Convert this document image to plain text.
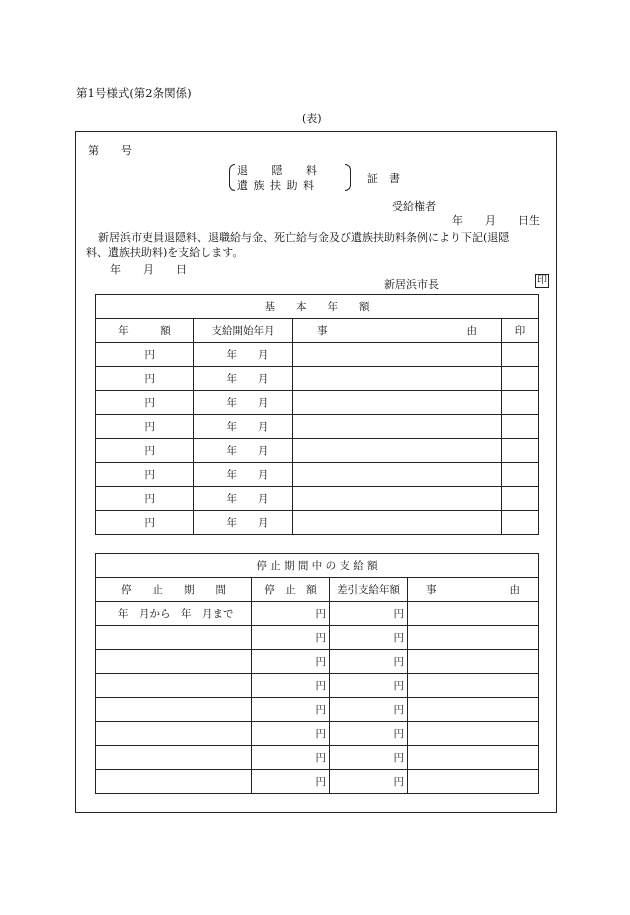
第1号様式(第2条関係)
(表)
第　　号
退　　隠　　料
遺 族 扶 助 料
証　書
受給権者
年　　月　　日生
新居浜市吏員退隠料、退職給与金、死亡給与金及び遺族扶助料条例により下記(退隠
料、遺族扶助料)を支給します。
年　　月　　日
新居浜市長	印
基　　本　　年　　額			
年　　　額	支給開始年月	事 由	印
円	年　　月		
円	年　　月		
円	年　　月		
円	年　　月		
円	年　　月		
円	年　　月		
円	年　　月		
円	年　　月		
停 止 期 間 中 の 支 給 額			
停　　止　　期　　間	停　止　額	差引支給年額	事 由

年　月から　年　月まで	円	円	
	円	円	
	円	円	
	円	円	
	円	円	
	円	円	
	円	円	
	円	円	
